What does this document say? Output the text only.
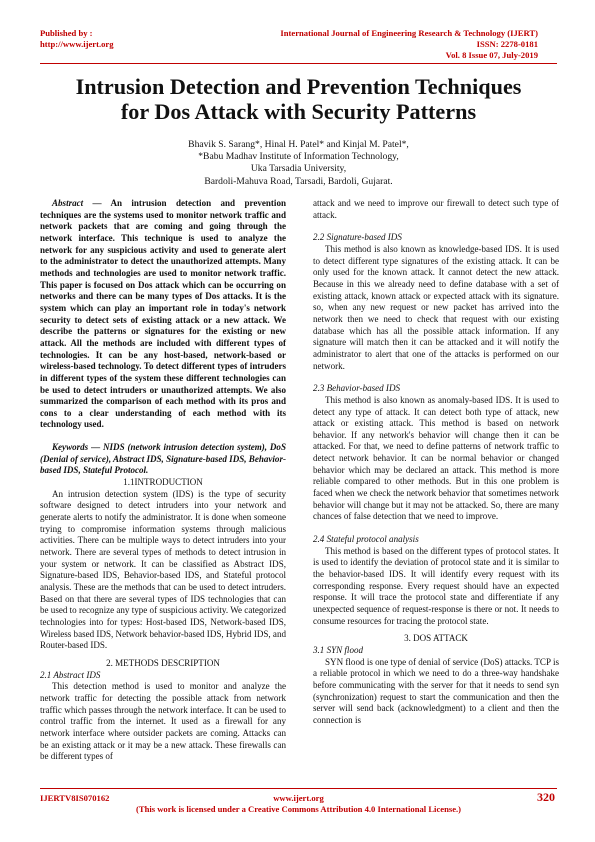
Published by :
http://www.ijert.org
International Journal of Engineering Research & Technology (IJERT)
ISSN: 2278-0181
Vol. 8 Issue 07, July-2019
Intrusion Detection and Prevention Techniques
for Dos Attack with Security Patterns
Bhavik S. Sarang*, Hinal H. Patel* and Kinjal M. Patel*,
*Babu Madhav Institute of Information Technology,
Uka Tarsadia University,
Bardoli-Mahuva Road, Tarsadi, Bardoli, Gujarat.

Abstract — An intrusion detection and prevention techniques are the systems used to monitor network traffic and network packets that are coming and going through the network interface. This technique is used to analyze the network for any suspicious activity and used to generate alert to the administrator to detect the unauthorized attempts. Many methods and technologies are used to monitor network traffic. This paper is focused on Dos attack which can be occurring on networks and there can be many types of Dos attacks. It is the system which can play an important role in today's network security to detect sets of existing attack or a new attack. We describe the patterns or signatures for the existing or new attack. All the methods are included with different types of technologies. It can be any host-based, network-based or wireless-based technology. To detect different types of intruders in different types of the system these different technologies can be used to detect intruders or unauthorized attempts. We also summarized the comparison of each method with its pros and cons to a clear understanding of each method with its technology used.

Keywords — NIDS (network intrusion detection system), DoS (Denial of service), Abstract IDS, Signature-based IDS, Behavior-based IDS, Stateful Protocol.

1.1INTRODUCTION

An intrusion detection system (IDS) is the type of security software designed to detect intruders into your network and generate alerts to notify the administrator. It is done when someone trying to compromise information systems through malicious activities. There can be multiple ways to detect intruders into your network. There are several types of methods to detect intrusion in your system or network. It can be classified as Abstract IDS, Signature-based IDS, Behavior-based IDS, and Stateful protocol analysis. These are the methods that can be used to detect intruders. Based on that there are several types of IDS technologies that can be used to recognize any type of suspicious activity. We categorized technologies into for types: Host-based IDS, Network-based IDS, Wireless based IDS, Network behavior-based IDS, Hybrid IDS, and Router-based IDS.

2. METHODS DESCRIPTION

2.1 Abstract IDS

This detection method is used to monitor and analyze the network traffic for detecting the possible attack from network traffic which passes through the network interface. It can be used to control traffic from the internet. It used as a firewall for any network interface where outsider packets are coming. Attacks can be an existing attack or it may be a new attack. These firewalls can be different types of

attack and we need to improve our firewall to detect such type of attack.

2.2 Signature-based IDS

This method is also known as knowledge-based IDS. It is used to detect different type signatures of the existing attack. It can be only used for the known attack. It cannot detect the new attack. Because in this we already need to define database with a set of existing attack, known attack or expected attack with its signature. so, when any new request or new packet has arrived into the network then we need to check that request with our existing database which has all the possible attack information. If any signature will match then it can be attacked and it will notify the administrator to alert that one of the attacks is performed on our network.

2.3 Behavior-based IDS

This method is also known as anomaly-based IDS. It is used to detect any type of attack. It can detect both type of attack, new attack or existing attack. This method is based on network behavior. If any network's behavior will change then it can be attacked. For that, we need to define patterns of network traffic to detect network behavior. It can be normal behavior or changed behavior which may be declared an attack. This method is more reliable compared to other methods. But in this one problem is faced when we check the network behavior that sometimes network behavior will change but it may not be attacked. So, there are many chances of false detection that we need to improve.

2.4 Stateful protocol analysis

This method is based on the different types of protocol states. It is used to identify the deviation of protocol state and it is similar to the behavior-based IDS. It will identify every request with its corresponding response. Every request should have an expected response. It will trace the protocol state and differentiate if any unexpected sequence of request-response is there or not. It needs to consume resources for tracing the protocol state.

3. DOS ATTACK

3.1 SYN flood

SYN flood is one type of denial of service (DoS) attacks. TCP is a reliable protocol in which we need to do a three-way handshake before communicating with the server for that it needs to send syn (synchronization) request to start the communication and then the server will send back (acknowledgment) to a client and then the connection is

IJERTV8IS070162	www.ijert.org
(This work is licensed under a Creative Commons Attribution 4.0 International License.)
320
